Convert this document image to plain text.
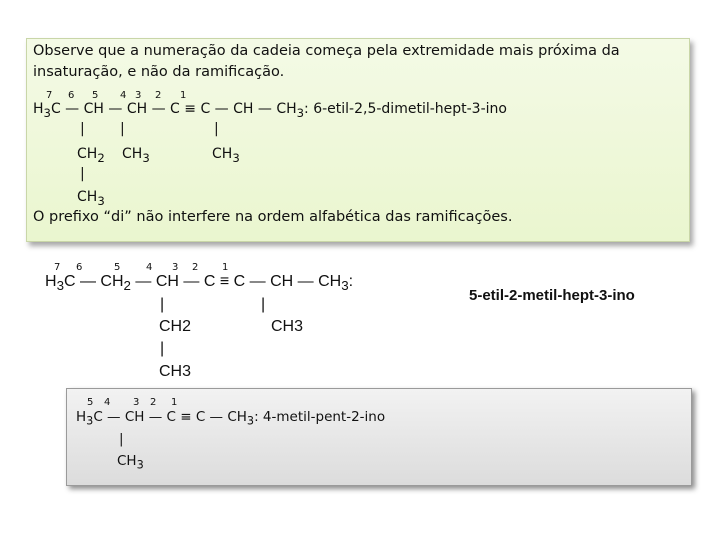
Observe que a numeração da cadeia começa pela extremidade mais próxima da
insaturação, e não da ramificação.
7 6 5 4 3 2 1
$H_3C$ — CH — CH — C ≡ C — CH — $CH_3$: 6-etil-2,5-dimetil-hept-3-ino
|	|	|
$CH_2$ $CH_3$	$CH_3$
|
$CH_3$
O prefixo “di” não interfere na ordem alfabética das ramificações.
7 6	5	4 3 2 1
$H_3C$ — $CH_2$ — CH — C ≡ C — CH — $CH_3$:
|	|
CH2	CH3
|
CH3
5-etil-2-metil-hept-3-ino
5 4 3 2 1
$H_3C$ — CH — C ≡ C — $CH_3$: 4-metil-pent-2-ino
|
$CH_3$
